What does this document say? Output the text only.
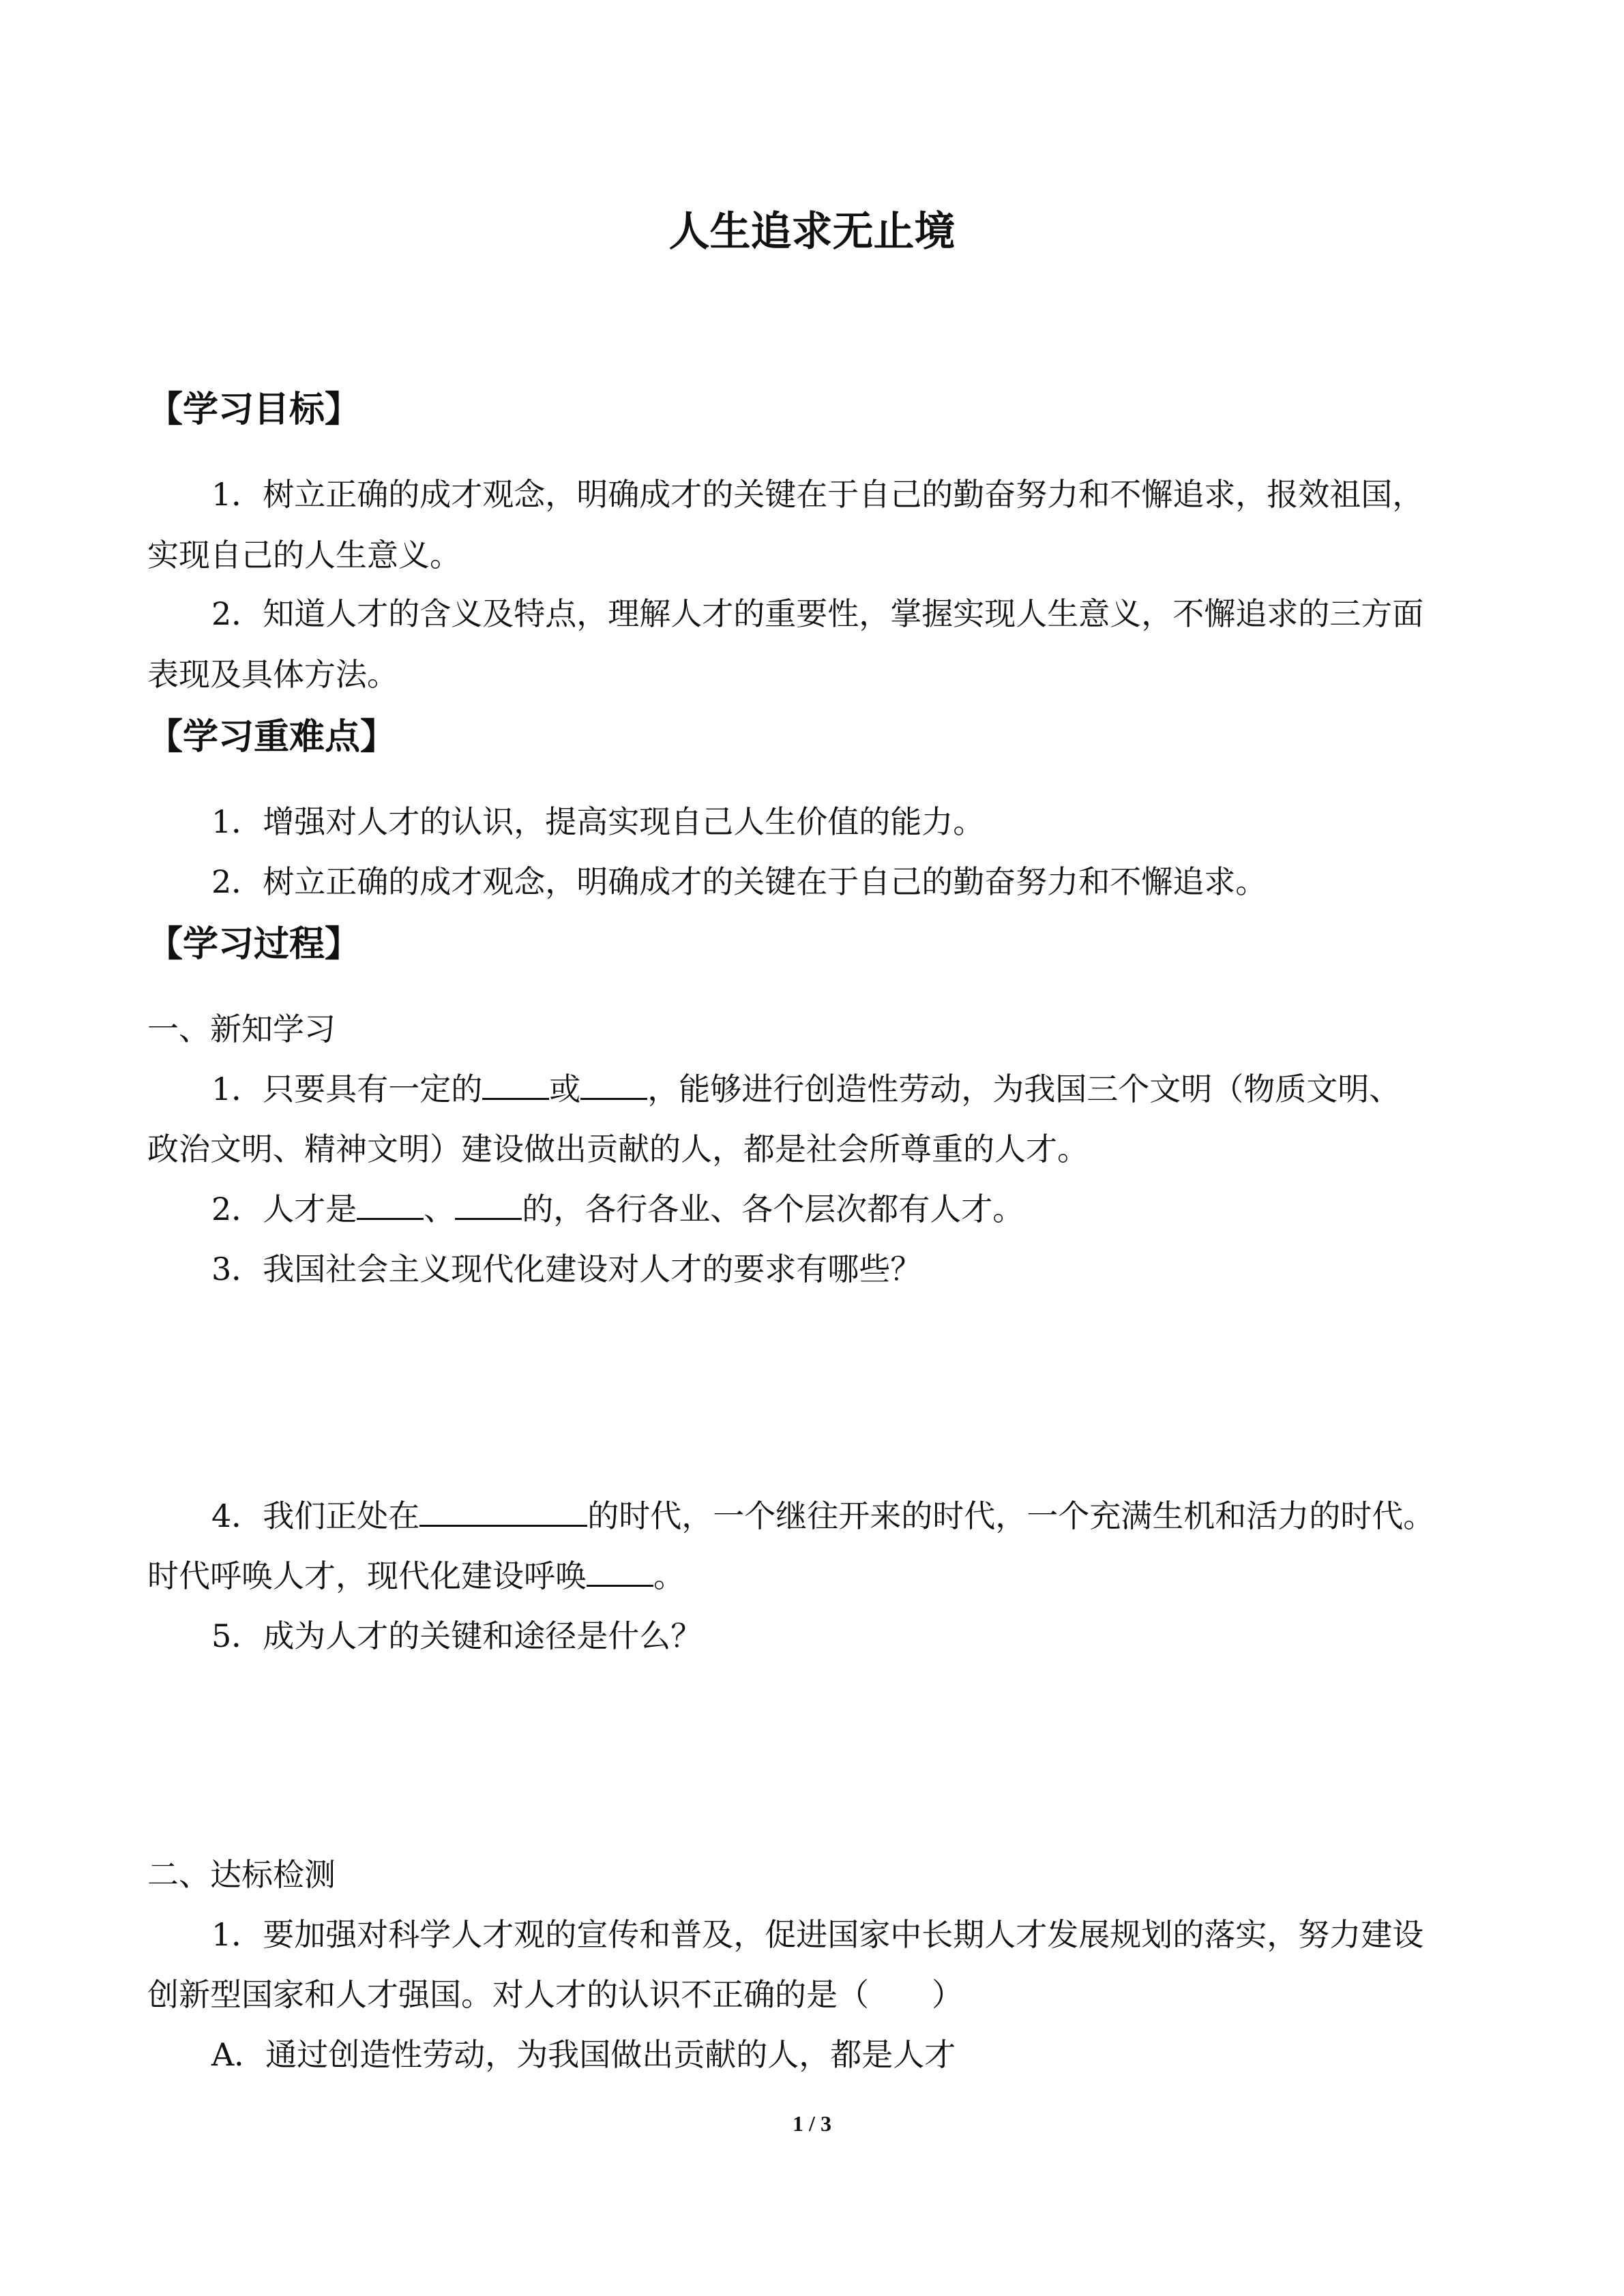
人生追求无止境
【学习目标】
1．树立正确的成才观念，明确成才的关键在于自己的勤奋努力和不懈追求，报效祖国，
实现自己的人生意义。
2．知道人才的含义及特点，理解人才的重要性，掌握实现人生意义，不懈追求的三方面
表现及具体方法。
【学习重难点】
1．增强对人才的认识，提高实现自己人生价值的能力。
2．树立正确的成才观念，明确成才的关键在于自己的勤奋努力和不懈追求。
【学习过程】
一、新知学习
1．只要具有一定的 或 ，能够进行创造性劳动，为我国三个文明（物质文明、
政治文明、精神文明）建设做出贡献的人，都是社会所尊重的人才。
2．人才是 、 的，各行各业、各个层次都有人才。
3．我国社会主义现代化建设对人才的要求有哪些？
4．我们正处在	的时代，一个继往开来的时代，一个充满生机和活力的时代。
时代呼唤人才，现代化建设呼唤 。
5．成为人才的关键和途径是什么？
二、达标检测
1．要加强对科学人才观的宣传和普及，促进国家中长期人才发展规划的落实，努力建设
创新型国家和人才强国。对人才的认识不正确的是（　　）
A．通过创造性劳动，为我国做出贡献的人，都是人才
1 / 3
